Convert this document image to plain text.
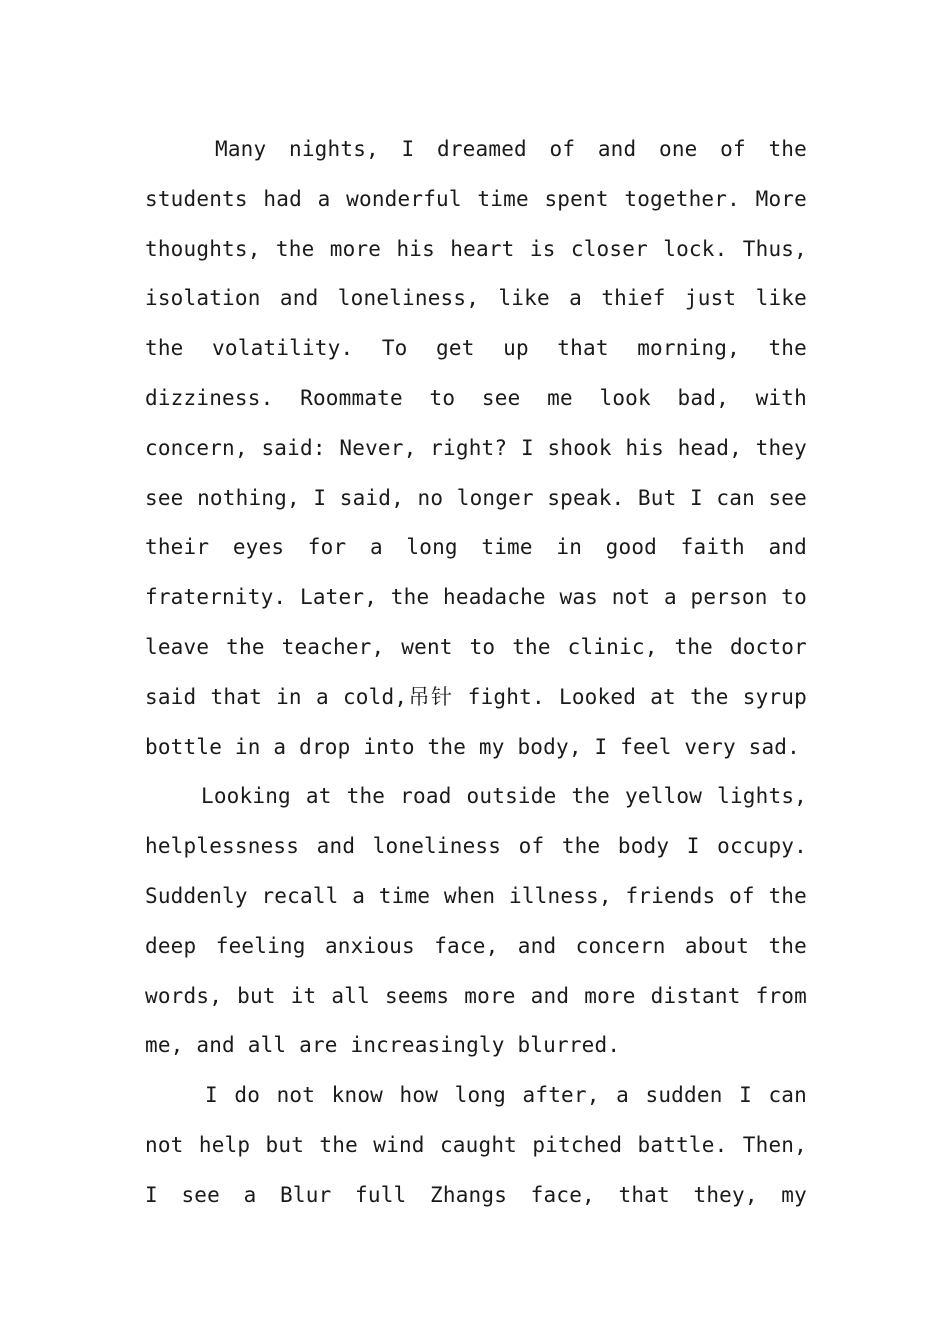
Many nights, I dreamed of and one of the students had a wonderful time spent together. More thoughts, the more his heart is closer lock. Thus, isolation and loneliness, like a thief just like the volatility. To get up that morning, the dizziness. Roommate to see me look bad, with concern, said: Never, right? I shook his head, they see nothing, I said, no longer speak. But I can see their eyes for a long time in good faith and fraternity. Later, the headache was not a person to leave the teacher, went to the clinic, the doctor said that in a cold,吊针 fight. Looked at the syrup bottle in a drop into the my body, I feel very sad.

Looking at the road outside the yellow lights, helplessness and loneliness of the body I occupy. Suddenly recall a time when illness, friends of the deep feeling anxious face, and concern about the words, but it all seems more and more distant from me, and all are increasingly blurred.

I do not know how long after, a sudden I can not help but the wind caught pitched battle. Then, I see a Blur full Zhangs face, that they, my
